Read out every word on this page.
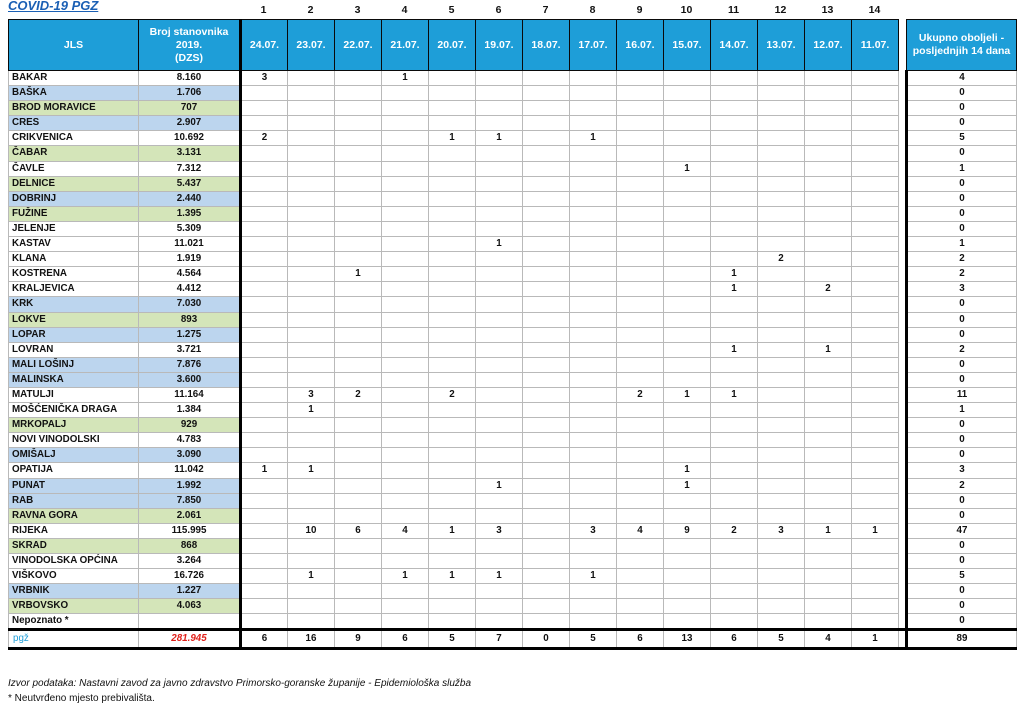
COVID-19 PGZ	1	2	3	4	5	6	7	8	9	10	11	12	13	14
JLS	Broj stanovnika
2019.
(DZS)	24.07.	23.07.	22.07.	21.07.	20.07.	19.07.	18.07.	17.07.	16.07.	15.07.	14.07.	13.07.	12.07.	11.07.		Ukupno oboljeli -
posljednjih 14 dana
BAKAR	8.160	3			1												4
BAŠKA	1.706																0
BROD MORAVICE	707																0
CRES	2.907																0
CRIKVENICA	10.692	2				1	1		1								5
ČABAR	3.131																0
ČAVLE	7.312										1						1
DELNICE	5.437																0
DOBRINJ	2.440																0
FUŽINE	1.395																0
JELENJE	5.309																0
KASTAV	11.021						1										1
KLANA	1.919												2				2
KOSTRENA	4.564			1								1					2
KRALJEVICA	4.412											1		2			3
KRK	7.030																0
LOKVE	893																0
LOPAR	1.275																0
LOVRAN	3.721											1		1			2
MALI LOŠINJ	7.876																0
MALINSKA	3.600																0
MATULJI	11.164		3	2		2				2	1	1					11
MOŠĆENIČKA DRAGA	1.384		1														1
MRKOPALJ	929																0
NOVI VINODOLSKI	4.783																0
OMIŠALJ	3.090																0
OPATIJA	11.042	1	1								1						3
PUNAT	1.992						1				1						2
RAB	7.850																0
RAVNA GORA	2.061																0
RIJEKA	115.995		10	6	4	1	3		3	4	9	2	3	1	1		47
SKRAD	868																0
VINODOLSKA OPĆINA	3.264																0
VIŠKOVO	16.726		1		1	1	1		1								5
VRBNIK	1.227																0
VRBOVSKO	4.063																0
Nepoznato *																	0
pgž	281.945	6	16	9	6	5	7	0	5	6	13	6	5	4	1		89
Izvor podataka: Nastavni zavod za javno zdravstvo Primorsko-goranske županije - Epidemiološka služba
* Neutvrđeno mjesto prebivališta.
